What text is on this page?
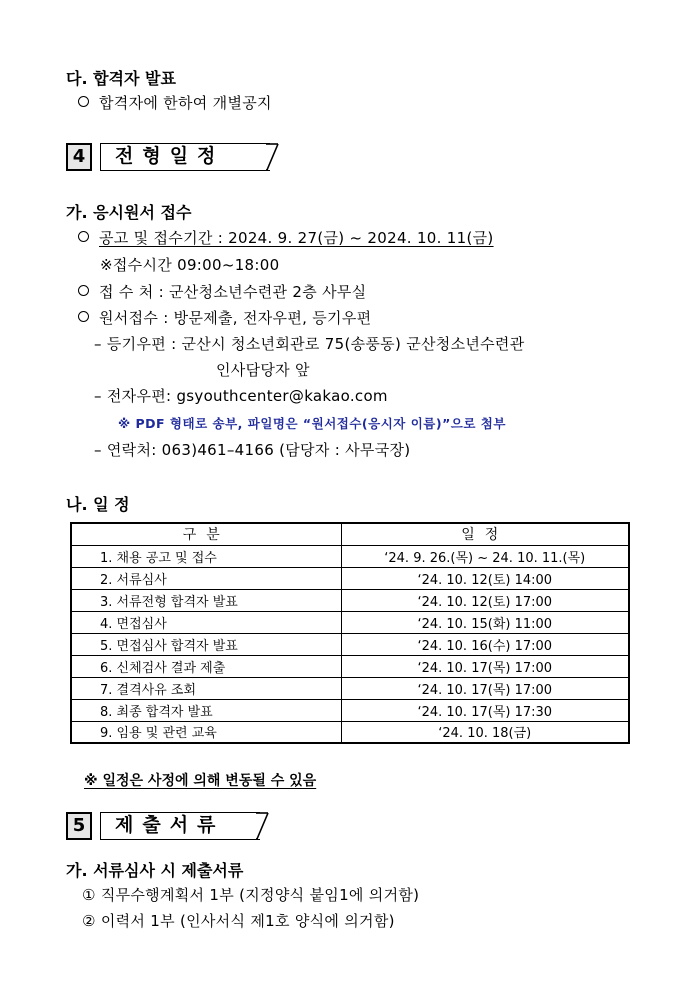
다. 합격자 발표
합격자에 한하여 개별공지
4	전형일정
가. 응시원서 접수
공고 및 접수기간 : 2024. 9. 27(금) ~ 2024. 10. 11(금)
※접수시간 09:00~18:00
접 수 처 : 군산청소년수련관 2층 사무실
원서접수 : 방문제출, 전자우편, 등기우편
– 등기우편 : 군산시 청소년회관로 75(송풍동) 군산청소년수련관
인사담당자 앞
– 전자우편: gsyouthcenter@kakao.com
※ PDF 형태로 송부, 파일명은 “원서접수(응시자 이름)”으로 첨부
– 연락처: 063)461–4166 (담당자 : 사무국장)
나. 일 정
구분	일정
1. 채용 공고 및 접수	‘24. 9. 26.(목) ~ 24. 10. 11.(목)
2. 서류심사	‘24. 10. 12(토) 14:00
3. 서류전형 합격자 발표	‘24. 10. 12(토) 17:00
4. 면접심사	‘24. 10. 15(화) 11:00
5. 면접심사 합격자 발표	‘24. 10. 16(수) 17:00
6. 신체검사 결과 제출	‘24. 10. 17(목) 17:00
7. 결격사유 조회	‘24. 10. 17(목) 17:00
8. 최종 합격자 발표	‘24. 10. 17(목) 17:30
9. 임용 및 관련 교육	‘24. 10. 18(금)
※ 일정은 사정에 의해 변동될 수 있음
5	제출서류
가. 서류심사 시 제출서류
① 직무수행계획서 1부 (지정양식 붙임1에 의거함)
② 이력서 1부 (인사서식 제1호 양식에 의거함)
